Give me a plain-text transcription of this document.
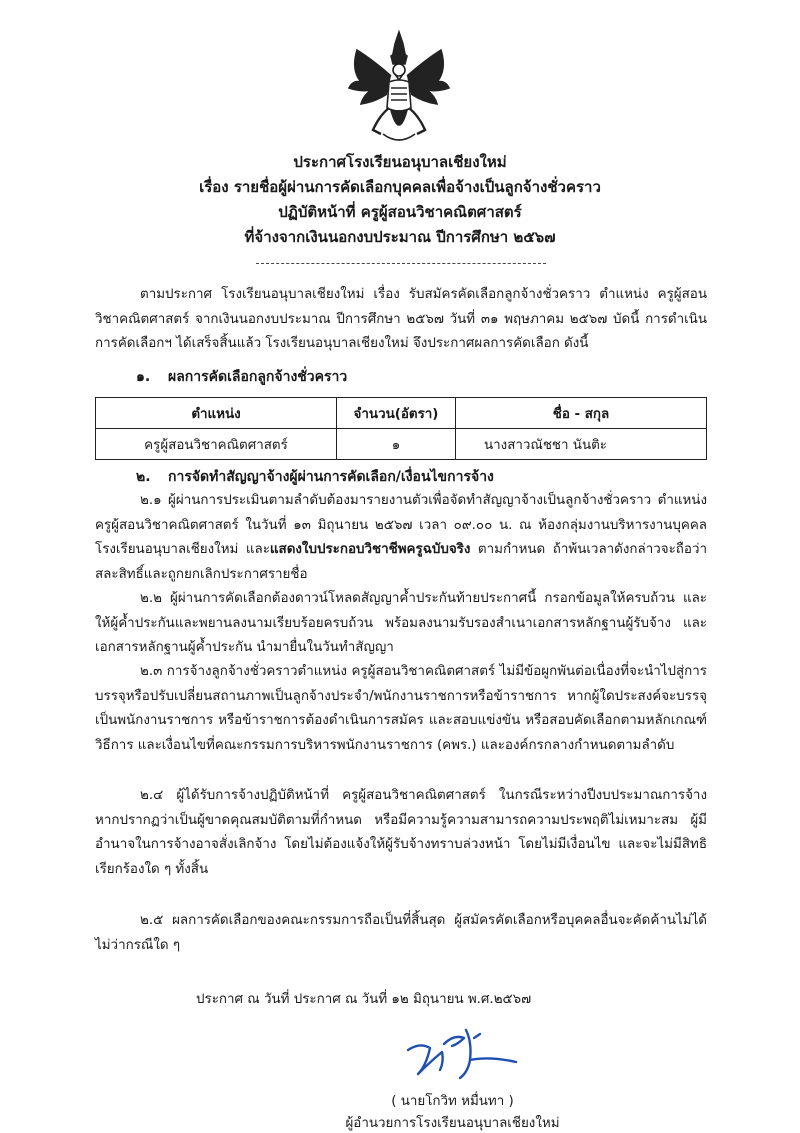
ประกาศโรงเรียนอนุบาลเชียงใหม่
เรื่อง รายชื่อผู้ผ่านการคัดเลือกบุคคลเพื่อจ้างเป็นลูกจ้างชั่วคราว
ปฏิบัติหน้าที่ ครูผู้สอนวิชาคณิตศาสตร์
ที่จ้างจากเงินนอกงบประมาณ ปีการศึกษา ๒๕๖๗
ตามประกาศ โรงเรียนอนุบาลเชียงใหม่ เรื่อง รับสมัครคัดเลือกลูกจ้างชั่วคราว ตำแหน่ง ครูผู้สอนวิชาคณิตศาสตร์ จากเงินนอกงบประมาณ ปีการศึกษา ๒๕๖๗ วันที่ ๓๑ พฤษภาคม ๒๕๖๗ บัดนี้ การดำเนินการคัดเลือกฯ ได้เสร็จสิ้นแล้ว โรงเรียนอนุบาลเชียงใหม่ จึงประกาศผลการคัดเลือก ดังนี้
๑. ผลการคัดเลือกลูกจ้างชั่วคราว
ตำแหน่ง	จำนวน(อัตรา)	ชื่อ - สกุล
ครูผู้สอนวิชาคณิตศาสตร์	๑	นางสาวณัชชา นันติะ
๒. การจัดทำสัญญาจ้างผู้ผ่านการคัดเลือก/เงื่อนไขการจ้าง
๒.๑ ผู้ผ่านการประเมินตามลำดับต้องมารายงานตัวเพื่อจัดทำสัญญาจ้างเป็นลูกจ้างชั่วคราว ตำแหน่ง ครูผู้สอนวิชาคณิตศาสตร์ ในวันที่ ๑๓ มิถุนายน ๒๕๖๗ เวลา ๐๙.๐๐ น. ณ ห้องกลุ่มงานบริหารงานบุคคล โรงเรียนอนุบาลเชียงใหม่ และแสดงใบประกอบวิชาชีพครูฉบับจริง ตามกำหนด ถ้าพ้นเวลาดังกล่าวจะถือว่าสละสิทธิ์และถูกยกเลิกประกาศรายชื่อ
๒.๒ ผู้ผ่านการคัดเลือกต้องดาวน์โหลดสัญญาค้ำประกันท้ายประกาศนี้ กรอกข้อมูลให้ครบถ้วน และให้ผู้ค้ำประกันและพยานลงนามเรียบร้อยครบถ้วน พร้อมลงนามรับรองสำเนาเอกสารหลักฐานผู้รับจ้าง และเอกสารหลักฐานผู้ค้ำประกัน นำมายื่นในวันทำสัญญา
๒.๓ การจ้างลูกจ้างชั่วคราวตำแหน่ง ครูผู้สอนวิชาคณิตศาสตร์ ไม่มีข้อผูกพันต่อเนื่องที่จะนำไปสู่การบรรจุหรือปรับเปลี่ยนสถานภาพเป็นลูกจ้างประจำ/พนักงานราชการหรือข้าราชการ หากผู้ใดประสงค์จะบรรจุเป็นพนักงานราชการ หรือข้าราชการต้องดำเนินการสมัคร และสอบแข่งขัน หรือสอบคัดเลือกตามหลักเกณฑ์วิธีการ และเงื่อนไขที่คณะกรรมการบริหารพนักงานราชการ (คพร.) และองค์กรกลางกำหนดตามลำดับ
๒.๔ ผู้ได้รับการจ้างปฏิบัติหน้าที่ ครูผู้สอนวิชาคณิตศาสตร์ ในกรณีระหว่างปีงบประมาณการจ้าง หากปรากฏว่าเป็นผู้ขาดคุณสมบัติตามที่กำหนด หรือมีความรู้ความสามารถความประพฤติไม่เหมาะสม ผู้มีอำนาจในการจ้างอาจสั่งเลิกจ้าง โดยไม่ต้องแจ้งให้ผู้รับจ้างทราบล่วงหน้า โดยไม่มีเงื่อนไข และจะไม่มีสิทธิเรียกร้องใด ๆ ทั้งสิ้น
๒.๕ ผลการคัดเลือกของคณะกรรมการถือเป็นที่สิ้นสุด ผู้สมัครคัดเลือกหรือบุคคลอื่นจะคัดค้านไม่ได้ไม่ว่ากรณีใด ๆ
ประกาศ ณ วันที่ ประกาศ ณ วันที่ ๑๒ มิถุนายน พ.ศ.๒๕๖๗
( นายโกวิท หมื่นทา )
ผู้อำนวยการโรงเรียนอนุบาลเชียงใหม่
